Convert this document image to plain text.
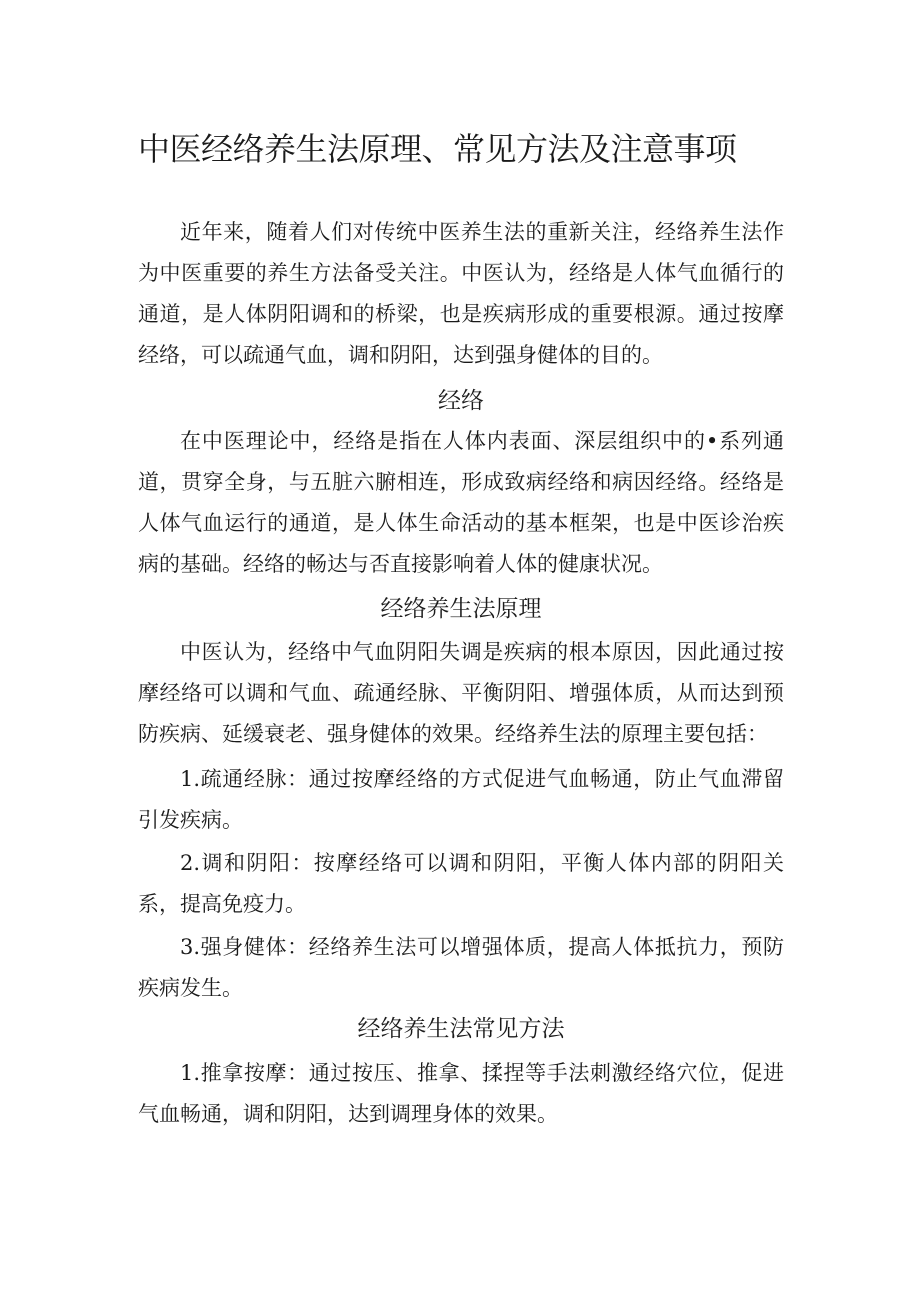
中医经络养生法原理、常见方法及注意事项

近年来，随着人们对传统中医养生法的重新关注，经络养生法作为中医重要的养生方法备受关注。中医认为，经络是人体气血循行的通道，是人体阴阳调和的桥梁，也是疾病形成的重要根源。通过按摩经络，可以疏通气血，调和阴阳，达到强身健体的目的。

经络

在中医理论中，经络是指在人体内表面、深层组织中的•系列通道，贯穿全身，与五脏六腑相连，形成致病经络和病因经络。经络是人体气血运行的通道，是人体生命活动的基本框架，也是中医诊治疾病的基础。经络的畅达与否直接影响着人体的健康状况。

经络养生法原理

中医认为，经络中气血阴阳失调是疾病的根本原因，因此通过按摩经络可以调和气血、疏通经脉、平衡阴阳、增强体质，从而达到预防疾病、延缓衰老、强身健体的效果。经络养生法的原理主要包括：

1.疏通经脉：通过按摩经络的方式促进气血畅通，防止气血滞留引发疾病。

2.调和阴阳：按摩经络可以调和阴阳，平衡人体内部的阴阳关系，提高免疫力。

3.强身健体：经络养生法可以增强体质，提高人体抵抗力，预防疾病发生。

经络养生法常见方法

1.推拿按摩：通过按压、推拿、揉捏等手法刺激经络穴位，促进气血畅通，调和阴阳，达到调理身体的效果。
